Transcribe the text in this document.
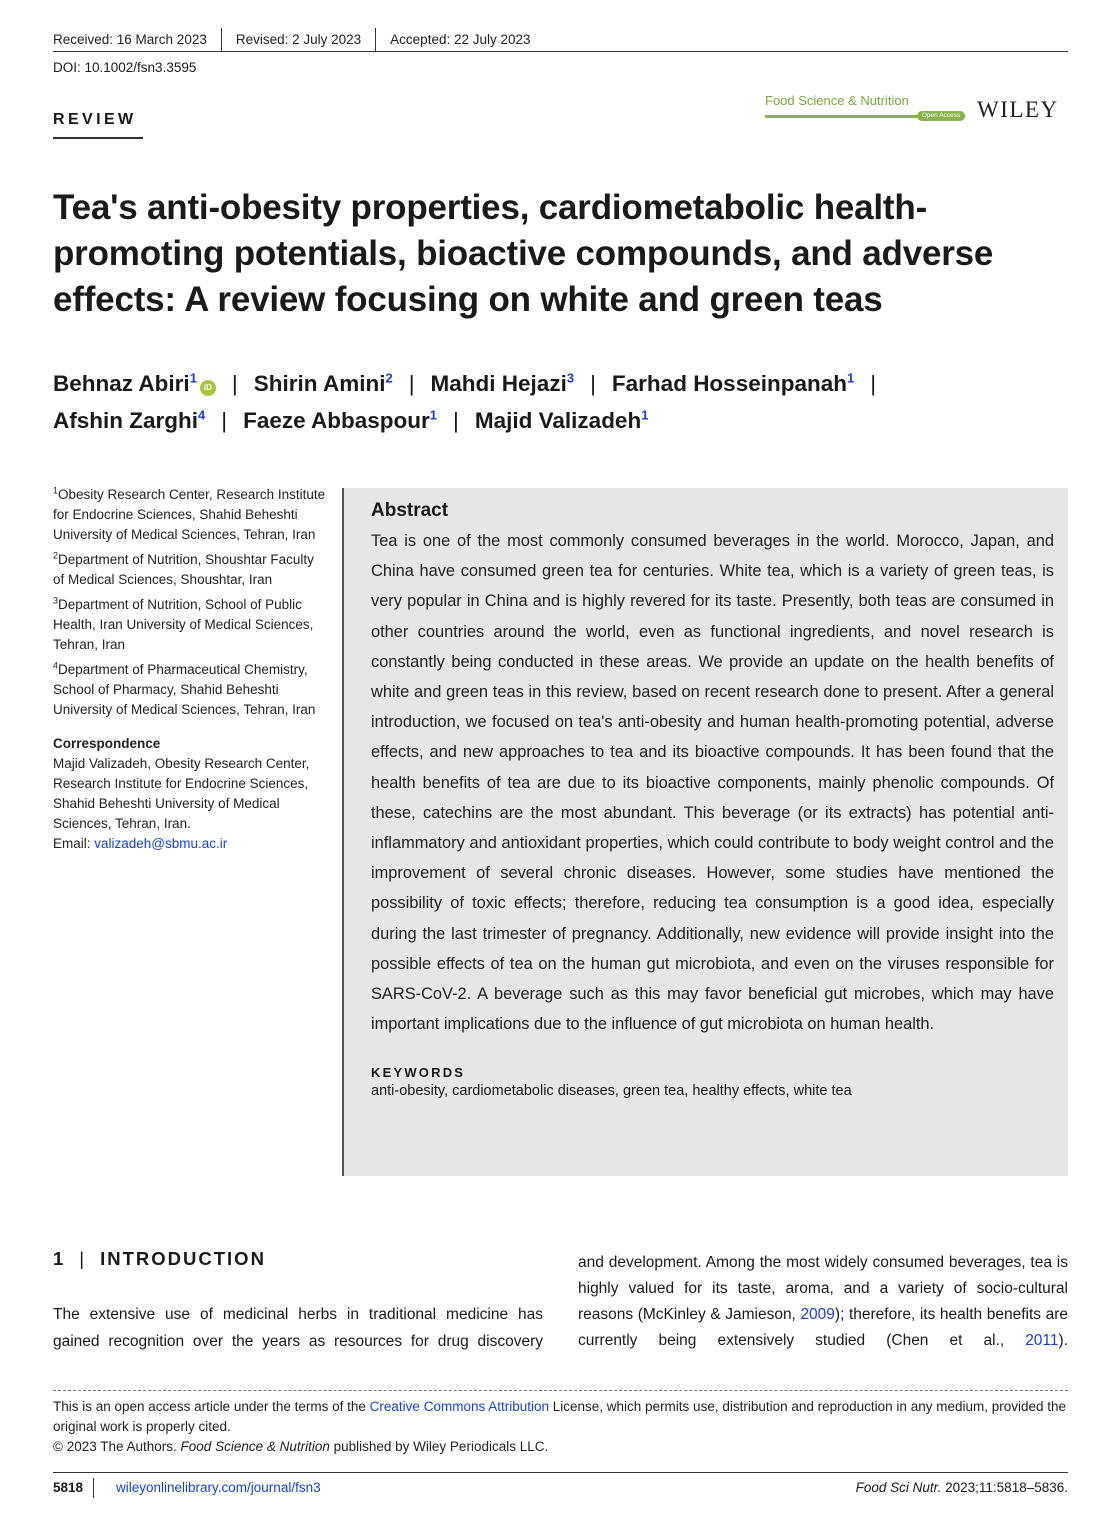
Received: 16 March 2023	Revised: 2 July 2023	Accepted: 22 July 2023
DOI: 10.1002/fsn3.3595
REVIEW
Food Science & Nutrition
Open Access WILEY
Tea's anti-obesity properties, cardiometabolic health-promoting potentials, bioactive compounds, and adverse effects: A review focusing on white and green teas
Behnaz Abiri$^1$iD | Shirin Amini$^2$ | Mahdi Hejazi$^3$ | Farhad Hosseinpanah$^1$ |
Afshin Zarghi$^4$ | Faeze Abbaspour$^1$ | Majid Valizadeh$^1$

$^1$Obesity Research Center, Research Institute for Endocrine Sciences, Shahid Beheshti University of Medical Sciences, Tehran, Iran

$^2$Department of Nutrition, Shoushtar Faculty of Medical Sciences, Shoushtar, Iran

$^3$Department of Nutrition, School of Public Health, Iran University of Medical Sciences, Tehran, Iran

$^4$Department of Pharmaceutical Chemistry, School of Pharmacy, Shahid Beheshti University of Medical Sciences, Tehran, Iran

Correspondence

Majid Valizadeh, Obesity Research Center, Research Institute for Endocrine Sciences, Shahid Beheshti University of Medical Sciences, Tehran, Iran.
Email: valizadeh@sbmu.ac.ir

Abstract

Tea is one of the most commonly consumed beverages in the world. Morocco, Japan, and China have consumed green tea for centuries. White tea, which is a variety of green teas, is very popular in China and is highly revered for its taste. Presently, both teas are consumed in other countries around the world, even as functional ingredients, and novel research is constantly being conducted in these areas. We provide an update on the health benefits of white and green teas in this review, based on recent research done to present. After a general introduction, we focused on tea's anti-obesity and human health-promoting potential, adverse effects, and new approaches to tea and its bioactive compounds. It has been found that the health benefits of tea are due to its bioactive components, mainly phenolic compounds. Of these, catechins are the most abundant. This beverage (or its extracts) has potential anti-inflammatory and antioxidant properties, which could contribute to body weight control and the improvement of several chronic diseases. However, some studies have mentioned the possibility of toxic effects; therefore, reducing tea consumption is a good idea, especially during the last trimester of pregnancy. Additionally, new evidence will provide insight into the possible effects of tea on the human gut microbiota, and even on the viruses responsible for SARS-CoV-2. A beverage such as this may favor beneficial gut microbes, which may have important implications due to the influence of gut microbiota on human health.

KEYWORDS

anti-obesity, cardiometabolic diseases, green tea, healthy effects, white tea

1 | INTRODUCTION

The extensive use of medicinal herbs in traditional medicine has gained recognition over the years as resources for drug discovery

and development. Among the most widely consumed beverages, tea is highly valued for its taste, aroma, and a variety of socio-cultural reasons (McKinley & Jamieson, 2009); therefore, its health benefits are currently being extensively studied (Chen et al., 2011).

This is an open access article under the terms of the Creative Commons Attribution License, which permits use, distribution and reproduction in any medium, provided the original work is properly cited.
© 2023 The Authors. Food Science & Nutrition published by Wiley Periodicals LLC.
5818	wileyonlinelibrary.com/journal/fsn3	Food Sci Nutr. 2023;11:5818–5836.
